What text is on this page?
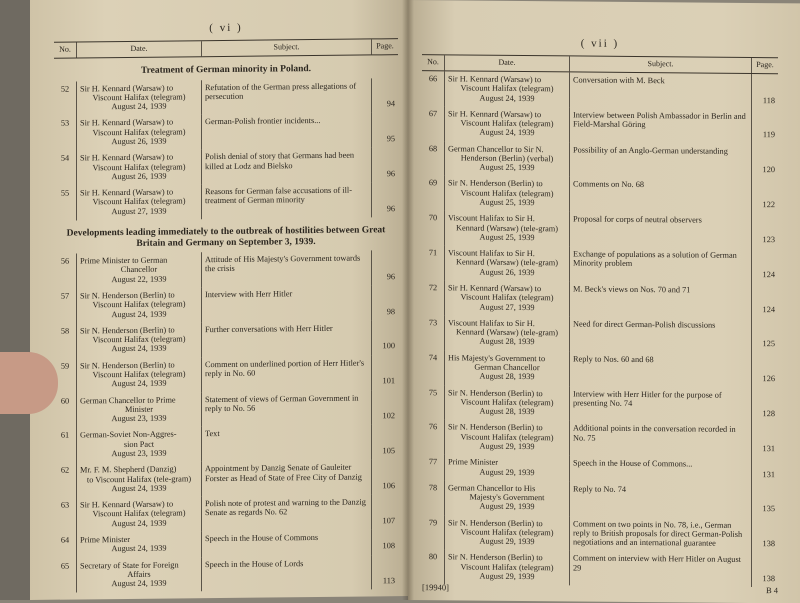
( vi )
No.	Date.	Subject.	Page.
Treatment of German minority in Poland.			
52	Sir H. Kennard (Warsaw) to
Viscount Halifax (telegram)
August 24, 1939	Refutation of the German press allegations of persecution	94
53	Sir H. Kennard (Warsaw) to
Viscount Halifax (telegram)
August 26, 1939	German-Polish frontier incidents...	95
54	Sir H. Kennard (Warsaw) to
Viscount Halifax (telegram)
August 26, 1939	Polish denial of story that Germans had been killed at Lodz and Bielsko	96
55	Sir H. Kennard (Warsaw) to
Viscount Halifax (telegram)
August 27, 1939	Reasons for German false accusations of ill-treatment of German minority	96
Developments leading immediately to the outbreak of hostilities between Great Britain and Germany on September 3, 1939.			
56	Prime Minister to German
Chancellor
August 22, 1939	Attitude of His Majesty's Government towards the crisis	96
57	Sir N. Henderson (Berlin) to
Viscount Halifax (telegram)
August 24, 1939	Interview with Herr Hitler	98
58	Sir N. Henderson (Berlin) to
Viscount Halifax (telegram)
August 24, 1939	Further conversations with Herr Hitler	100
59	Sir N. Henderson (Berlin) to
Viscount Halifax (telegram)
August 24, 1939	Comment on underlined portion of Herr Hitler's reply in No. 60	101
60	German Chancellor to Prime
Minister
August 23, 1939	Statement of views of German Government in reply to No. 56	102
61	German-Soviet Non-Aggres-
sion Pact
August 23, 1939	Text	105
62	Mr. F. M. Shepherd (Danzig)
to Viscount Halifax (tele-gram)
August 24, 1939	Appointment by Danzig Senate of Gauleiter Forster as Head of State of Free City of Danzig	106
63	Sir H. Kennard (Warsaw) to
Viscount Halifax (telegram)
August 24, 1939	Polish note of protest and warning to the Danzig Senate as regards No. 62	107
64	Prime Minister
August 24, 1939	Speech in the House of Commons	108
65	Secretary of State for Foreign
Affairs
August 24, 1939	Speech in the House of Lords	113
( vii )
No.	Date.	Subject.	Page.
66	Sir H. Kennard (Warsaw) to
Viscount Halifax (telegram)
August 24, 1939	Conversation with M. Beck	118
67	Sir H. Kennard (Warsaw) to
Viscount Halifax (telegram)
August 24, 1939	Interview between Polish Ambassador in Berlin and Field-Marshal Göring	119
68	German Chancellor to Sir N.
Henderson (Berlin) (verbal)
August 25, 1939	Possibility of an Anglo-German understanding	120
69	Sir N. Henderson (Berlin) to
Viscount Halifax (telegram)
August 25, 1939	Comments on No. 68	122
70	Viscount Halifax to Sir H.
Kennard (Warsaw) (tele-gram)
August 25, 1939	Proposal for corps of neutral observers	123
71	Viscount Halifax to Sir H.
Kennard (Warsaw) (tele-gram)
August 26, 1939	Exchange of populations as a solution of German Minority problem	124
72	Sir H. Kennard (Warsaw) to
Viscount Halifax (telegram)
August 27, 1939	M. Beck's views on Nos. 70 and 71	124
73	Viscount Halifax to Sir H.
Kennard (Warsaw) (tele-gram)
August 28, 1939	Need for direct German-Polish discussions	125
74	His Majesty's Government to
German Chancellor
August 28, 1939	Reply to Nos. 60 and 68	126
75	Sir N. Henderson (Berlin) to
Viscount Halifax (telegram)
August 28, 1939	Interview with Herr Hitler for the purpose of presenting No. 74	128
76	Sir N. Henderson (Berlin) to
Viscount Halifax (telegram)
August 29, 1939	Additional points in the conversation recorded in No. 75	131
77	Prime Minister
August 29, 1939	Speech in the House of Commons...	131
78	German Chancellor to His
Majesty's Government
August 29, 1939	Reply to No. 74	135
79	Sir N. Henderson (Berlin) to
Viscount Halifax (telegram)
August 29, 1939	Comment on two points in No. 78, i.e., German reply to British proposals for direct German-Polish negotiations and an international guarantee	138
80	Sir N. Henderson (Berlin) to
Viscount Halifax (telegram)
August 29, 1939	Comment on interview with Herr Hitler on August 29	138
[19940]	B 4
